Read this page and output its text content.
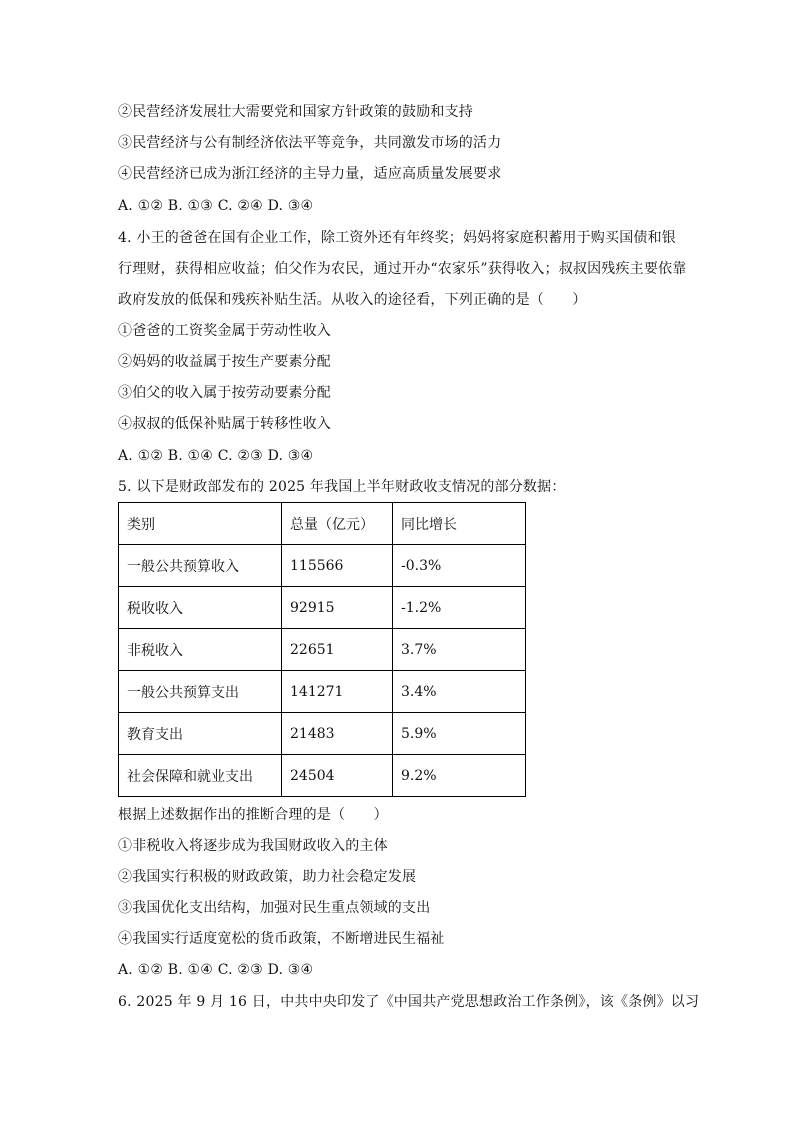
②民营经济发展壮大需要党和国家方针政策的鼓励和支持
③民营经济与公有制经济依法平等竞争，共同激发市场的活力
④民营经济已成为浙江经济的主导力量，适应高质量发展要求
A. ①② B. ①③ C. ②④ D. ③④
4. 小王的爸爸在国有企业工作，除工资外还有年终奖；妈妈将家庭积蓄用于购买国债和银
行理财，获得相应收益；伯父作为农民，通过开办“农家乐”获得收入；叔叔因残疾主要依靠
政府发放的低保和残疾补贴生活。从收入的途径看，下列正确的是（　　）
①爸爸的工资奖金属于劳动性收入
②妈妈的收益属于按生产要素分配
③伯父的收入属于按劳动要素分配
④叔叔的低保补贴属于转移性收入
A. ①② B. ①④ C. ②③ D. ③④
5. 以下是财政部发布的 2025 年我国上半年财政收支情况的部分数据：
类别	总量（亿元）	同比增长
一般公共预算收入	115566	-0.3%
税收收入	92915	-1.2%
非税收入	22651	3.7%
一般公共预算支出	141271	3.4%
教育支出	21483	5.9%
社会保障和就业支出	24504	9.2%
根据上述数据作出的推断合理的是（　　）
①非税收入将逐步成为我国财政收入的主体
②我国实行积极的财政政策，助力社会稳定发展
③我国优化支出结构，加强对民生重点领域的支出
④我国实行适度宽松的货币政策，不断增进民生福祉
A. ①② B. ①④ C. ②③ D. ③④
6. 2025 年 9 月 16 日，中共中央印发了《中国共产党思想政治工作条例》，该《条例》以习
